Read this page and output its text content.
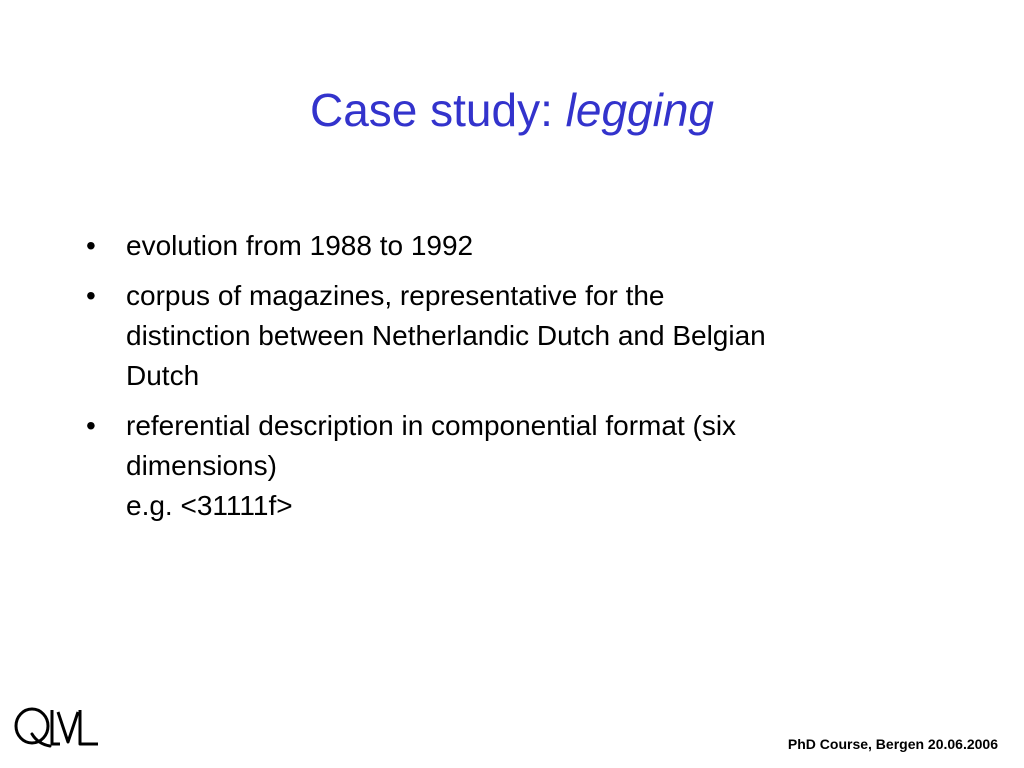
Case study: legging
• evolution from 1988 to 1992
• corpus of magazines, representative for the
distinction between Netherlandic Dutch and Belgian
Dutch
• referential description in componential format (six
dimensions)
e.g. <31111f>
PhD Course, Bergen 20.06.2006
